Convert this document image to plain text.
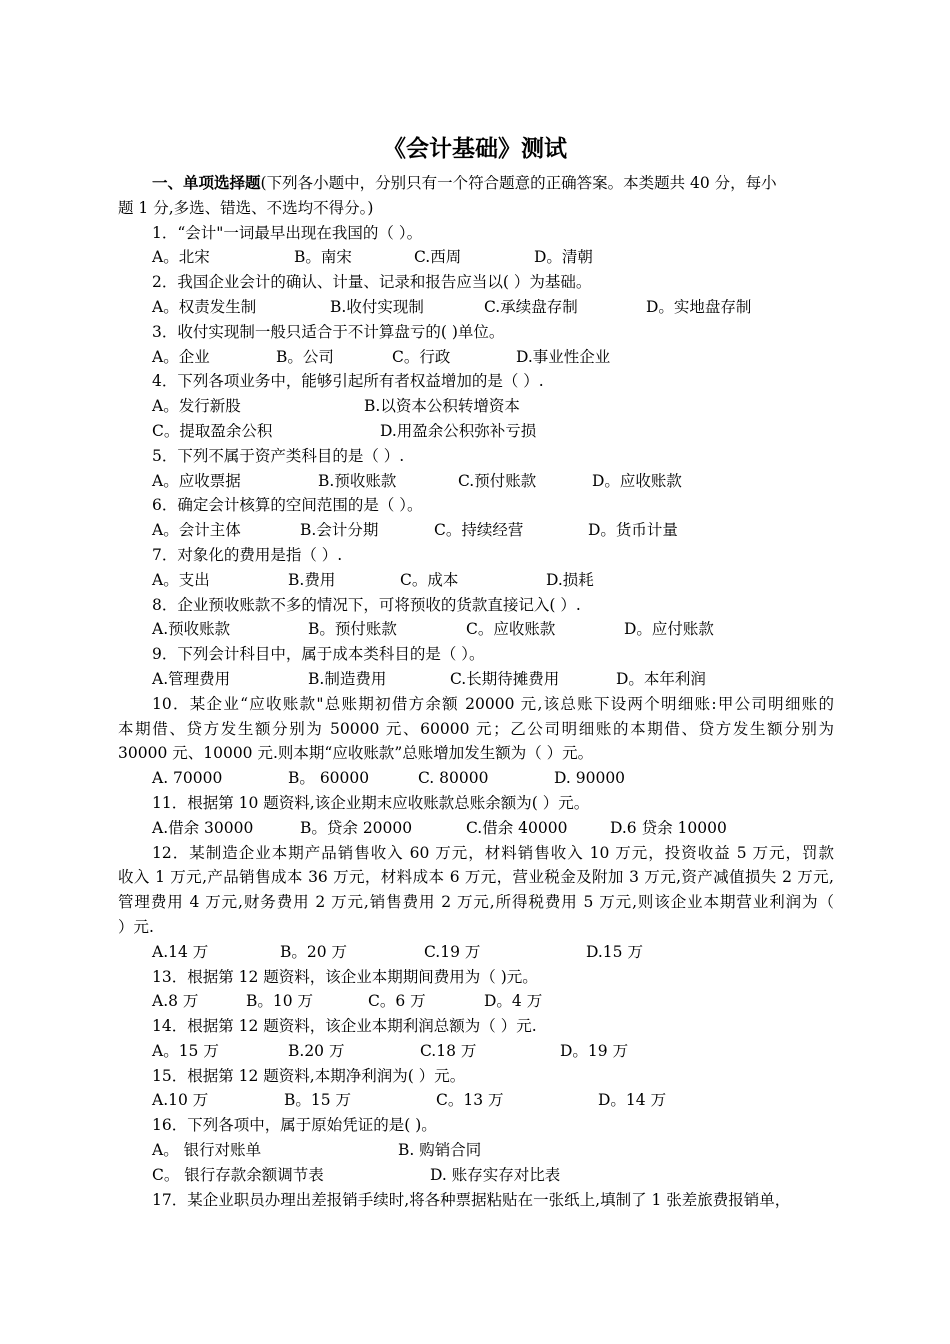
《会计基础》测试
一、单项选择题(下列各小题中，分别只有一个符合题意的正确答案。本类题共 40 分，每小
题 1 分,多选、错选、不选均不得分。)
1．“会计"一词最早出现在我国的（ ）。
A。北宋	B。南宋	C.西周	D。清朝
2．我国企业会计的确认、计量、记录和报告应当以( ）为基础。
A。权责发生制	B.收付实现制	C.承续盘存制	D。实地盘存制
3．收付实现制一般只适合于不计算盘亏的( )单位。
A。企业	B。公司	C。行政	D.事业性企业
4．下列各项业务中，能够引起所有者权益增加的是（ ）.
A。发行新股	B.以资本公积转增资本
C。提取盈余公积	D.用盈余公积弥补亏损
5．下列不属于资产类科目的是（ ）.
A。应收票据	B.预收账款	C.预付账款	D。应收账款
6．确定会计核算的空间范围的是（ ）。
A。会计主体	B.会计分期	C。持续经营	D。货币计量
7．对象化的费用是指（ ）.
A。支出	B.费用	C。成本	D.损耗
8．企业预收账款不多的情况下，可将预收的货款直接记入( ）.
A.预收账款	B。预付账款	C。应收账款	D。应付账款
9．下列会计科目中，属于成本类科目的是（ ）。
A.管理费用	B.制造费用	C.长期待摊费用	D。本年利润
10．某企业“应收账款"总账期初借方余额 20000 元,该总账下设两个明细账:甲公司明细账的
本期借、贷方发生额分别为 50000 元、60000 元；乙公司明细账的本期借、贷方发生额分别为
30000 元、10000 元.则本期“应收账款”总账增加发生额为（ ）元。
A. 70000	B。 60000	C. 80000	D. 90000
11．根据第 10 题资料,该企业期末应收账款总账余额为( ）元。
A.借余 30000	B。贷余 20000	C.借余 40000	D.6 贷余 10000
12．某制造企业本期产品销售收入 60 万元，材料销售收入 10 万元，投资收益 5 万元，罚款
收入 1 万元,产品销售成本 36 万元，材料成本 6 万元，营业税金及附加 3 万元,资产减值损失 2 万元,
管理费用 4 万元,财务费用 2 万元,销售费用 2 万元,所得税费用 5 万元,则该企业本期营业利润为（
）元.
A.14 万	B。20 万	C.19 万	D.15 万
13．根据第 12 题资料，该企业本期期间费用为（ )元。
A.8 万	B。10 万	C。6 万	D。4 万
14．根据第 12 题资料，该企业本期利润总额为（ ）元.
A。15 万	B.20 万	C.18 万	D。19 万
15．根据第 12 题资料,本期净利润为( ）元。
A.10 万	B。15 万	C。13 万	D。14 万
16．下列各项中，属于原始凭证的是( )。
A。 银行对账单	B. 购销合同
C。 银行存款余额调节表	D. 账存实存对比表
17．某企业职员办理出差报销手续时,将各种票据粘贴在一张纸上,填制了 1 张差旅费报销单，
